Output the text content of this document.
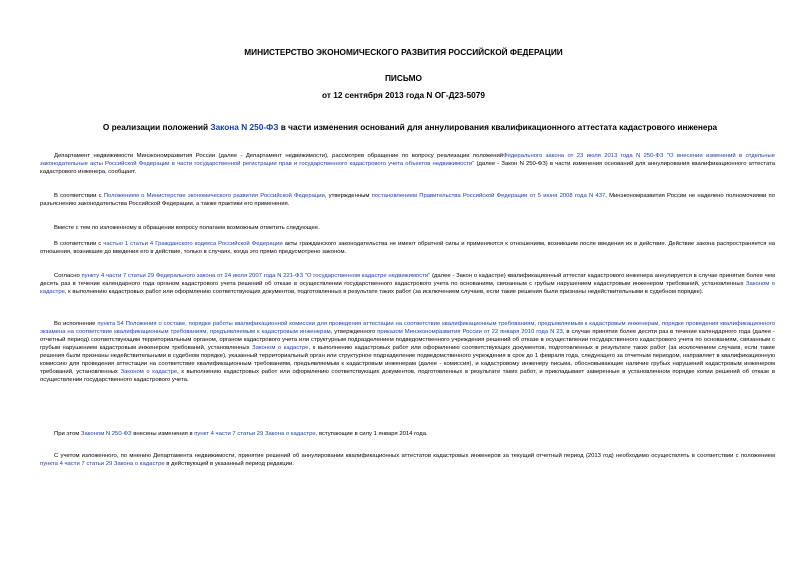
МИНИСТЕРСТВО ЭКОНОМИЧЕСКОГО РАЗВИТИЯ РОССИЙСКОЙ ФЕДЕРАЦИИ
ПИСЬМО
от 12 сентября 2013 года N ОГ-Д23-5079
О реализации положений Закона N 250-ФЗ в части изменения оснований для аннулирования квалификационного аттестата кадастрового инженера
Департамент недвижимости Минэкономразвития России (далее - Департамент недвижимости), рассмотрев обращение по вопросу реализации положенийФедерального закона от 23 июля 2013 года N 250-ФЗ "О внесении изменений в отдельные законодательные акты Российской Федерации в части государственной регистрации прав и государственного кадастрового учета объектов недвижимости" (далее - Закон N 250-ФЗ) в части изменения оснований для аннулирования квалификационного аттестата кадастрового инженера, сообщает.
В соответствии с Положением о Министерстве экономического развития Российской Федерации, утвержденным постановлением Правительства Российской Федерации от 5 июня 2008 года N 437, Минэкономразвития России не наделено полномочиями по разъяснению законодательства Российской Федерации, а также практики его применения.
Вместе с тем по изложенному в обращении вопросу полагаем возможным отметить следующее.
В соответствии с частью 1 статьи 4 Гражданского кодекса Российской Федерации акты гражданского законодательства не имеют обратной силы и применяются к отношениям, возникшим после введения их в действие. Действие закона распространяется на отношения, возникшие до введения его в действие, только в случаях, когда это прямо предусмотрено законом.
Согласно пункту 4 части 7 статьи 29 Федерального закона от 24 июля 2007 года N 221-ФЗ "О государственном кадастре недвижимости" (далее - Закон о кадастре) квалификационный аттестат кадастрового инженера аннулируется в случае принятия более чем десять раз в течение календарного года органом кадастрового учета решений об отказе в осуществлении государственного кадастрового учета по основаниям, связанным с грубым нарушением кадастровым инженером требований, установленных Законом о кадастре, к выполнению кадастровых работ или оформлению соответствующих документов, подготовленных в результате таких работ (за исключением случаев, если такие решения были признаны недействительными в судебном порядке).
Во исполнение пункта 54 Положения о составе, порядке работы квалификационной комиссии для проведения аттестации на соответствие квалификационным требованиям, предъявляемым к кадастровым инженерам, порядке проведения квалификационного экзамена на соответствие квалификационным требованиям, предъявляемым к кадастровым инженерам, утвержденного приказом Минэкономразвития России от 22 января 2010 года N 23, в случае принятия более десяти раз в течение календарного года (далее - отчетный период) соответствующим территориальным органом, органом кадастрового учета или структурным подразделением подведомственного учреждения решений об отказе в осуществлении государственного кадастрового учета по основаниям, связанным с грубым нарушением кадастровым инженером требований, установленных Законом о кадастре, к выполнению кадастровых работ или оформлению соответствующих документов, подготовленных в результате таких работ (за исключением случаев, если такие решения были признаны недействительными в судебном порядке), указанный территориальный орган или структурное подразделение подведомственного учреждения в срок до 1 февраля года, следующего за отчетным периодом, направляет в квалификационную комиссию для проведения аттестации на соответствие квалификационным требованиям, предъявляемым к кадастровым инженерам (далее - комиссия), и кадастровому инженеру письма, обосновывающие наличие грубых нарушений кадастровым инженером требований, установленных Законом о кадастре, к выполнению кадастровых работ или оформлению соответствующих документов, подготовленных в результате таких работ, и прикладывает заверенные в установленном порядке копии решений об отказе в осуществлении государственного кадастрового учета.
При этом Законом N 250-ФЗ внесены изменения в пункт 4 части 7 статьи 29 Закона о кадастре, вступающие в силу 1 января 2014 года.
С учетом изложенного, по мнению Департамента недвижимости, принятие решений об аннулировании квалификационных аттестатов кадастровых инженеров за текущий отчетный период (2013 год) необходимо осуществлять в соответствии с положением пункта 4 части 7 статьи 29 Закона о кадастре в действующей в указанный период редакции.
